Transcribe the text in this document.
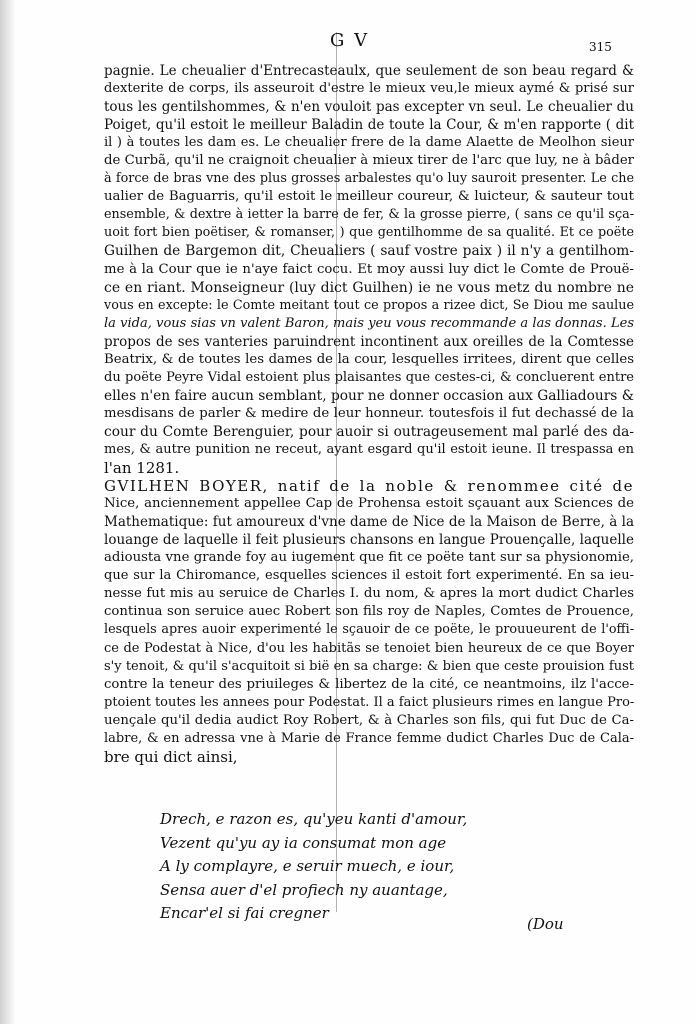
G V	315
pagnie. Le cheualier d'Entrecasteaulx, que seulement de son beau regard &
dexterite de corps, ils asseuroit d'estre le mieux veu,le mieux aymé & prisé sur
tous les gentilshommes, & n'en vouloit pas excepter vn seul. Le cheualier du
Poiget, qu'il estoit le meilleur Baladin de toute la Cour, & m'en rapporte ( dit
il ) à toutes les dam es. Le cheualier frere de la dame Alaette de Meolhon sieur
de Curbã, qu'il ne craignoit cheualier à mieux tirer de l'arc que luy, ne à bâder
à force de bras vne des plus grosses arbalestes qu'o luy sauroit presenter. Le che
ualier de Baguarris, qu'il estoit le meilleur coureur, & luicteur, & sauteur tout
ensemble, & dextre à ietter la barre de fer, & la grosse pierre, ( sans ce qu'il sça-
uoit fort bien poëtiser, & romanser, ) que gentilhomme de sa qualité. Et ce poëte
Guilhen de Bargemon dit, Cheualiers ( sauf vostre paix ) il n'y a gentilhom-
me à la Cour que ie n'aye faict cocu. Et moy aussi luy dict le Comte de Prouë-
ce en riant. Monseigneur (luy dict Guilhen) ie ne vous metz du nombre ne
vous en excepte: le Comte meitant tout ce propos a rizee dict, Se Diou me saulue
la vida, vous sias vn valent Baron, mais yeu vous recommande a las donnas. Les
propos de ses vanteries paruindrent incontinent aux oreilles de la Comtesse
Beatrix, & de toutes les dames de la cour, lesquelles irritees, dirent que celles
du poëte Peyre Vidal estoient plus plaisantes que cestes-ci, & concluerent entre
elles n'en faire aucun semblant, pour ne donner occasion aux Galliadours &
mesdisans de parler & medire de leur honneur. toutesfois il fut dechassé de la
cour du Comte Berenguier, pour auoir si outrageusement mal parlé des da-
mes, & autre punition ne receut, ayant esgard qu'il estoit ieune. Il trespassa en
l'an 1281.
GVILHEN BOYER, natif de la noble & renommee cité de
Nice, anciennement appellee Cap de Prohensa estoit sçauant aux Sciences de
Mathematique: fut amoureux d'vne dame de Nice de la Maison de Berre, à la
louange de laquelle il feit plusieurs chansons en langue Prouençalle, laquelle
adiousta vne grande foy au iugement que fit ce poëte tant sur sa physionomie,
que sur la Chiromance, esquelles sciences il estoit fort experimenté. En sa ieu-
nesse fut mis au seruice de Charles I. du nom, & apres la mort dudict Charles
continua son seruice auec Robert son fils roy de Naples, Comtes de Prouence,
lesquels apres auoir experimenté le sçauoir de ce poëte, le prouueurent de l'offi-
ce de Podestat à Nice, d'ou les habitãs se tenoiet bien heureux de ce que Boyer
s'y tenoit, & qu'il s'acquitoit si bië en sa charge: & bien que ceste prouision fust
contre la teneur des priuileges & libertez de la cité, ce neantmoins, ilz l'acce-
ptoient toutes les annees pour Podestat. Il a faict plusieurs rimes en langue Pro-
uençale qu'il dedia audict Roy Robert, & à Charles son fils, qui fut Duc de Ca-
labre, & en adressa vne à Marie de France femme dudict Charles Duc de Cala-
bre qui dict ainsi,
Drech, e razon es, qu'yeu kanti d'amour,
Vezent qu'yu ay ia consumat mon age
A ly complayre, e seruir muech, e iour,
Sensa auer d'el profiech ny auantage,
Encar'el si fai cregner
(Dou
